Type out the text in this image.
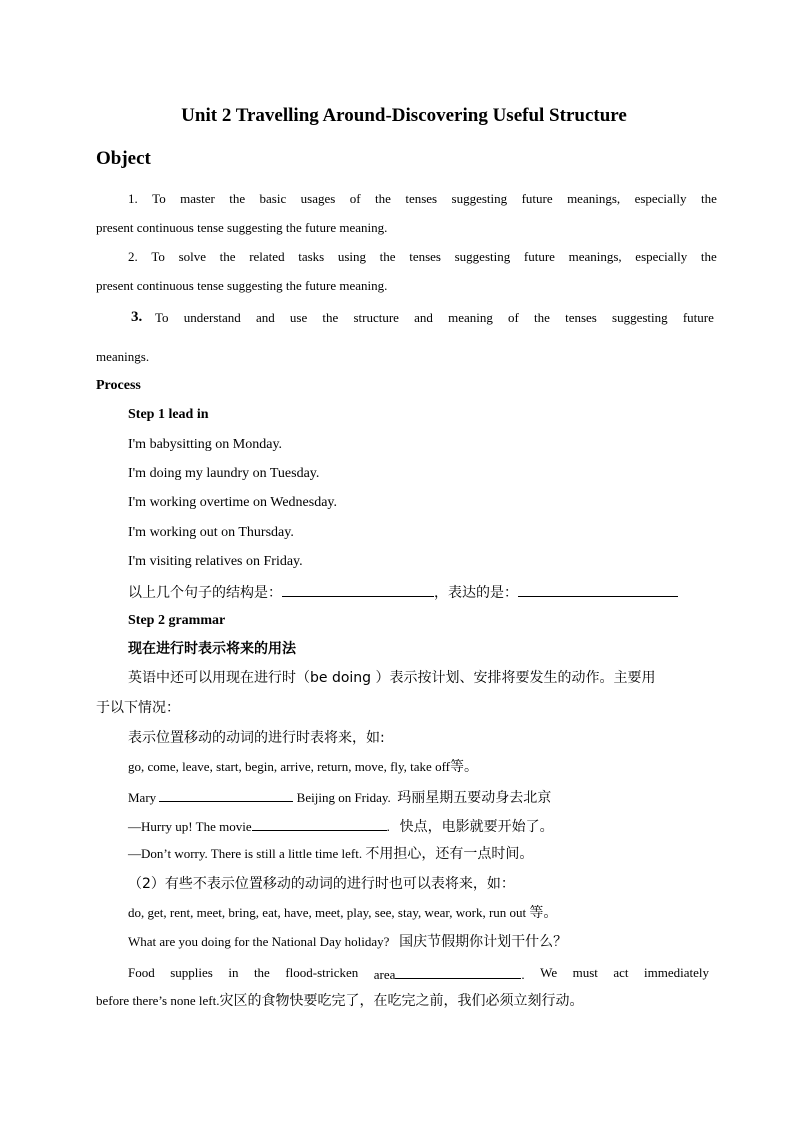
Unit 2 Travelling Around-Discovering Useful Structure
Object
1. To master the basic usages of the tenses suggesting future meanings, especially the
present continuous tense suggesting the future meaning.
2. To solve the related tasks using the tenses suggesting future meanings, especially the
present continuous tense suggesting the future meaning.
3. To understand and use the structure and meaning of the tenses suggesting future
meanings.
Process
Step 1 lead in
I'm babysitting on Monday.
I'm doing my laundry on Tuesday.
I'm working overtime on Wednesday.
I'm working out on Thursday.
I'm visiting relatives on Friday.
以上几个句子的结构是：	，表达的是：
Step 2 grammar
现在进行时表示将来的用法
英语中还可以用现在进行时（be doing ）表示按计划、安排将要发生的动作。主要用
于以下情况：
表示位置移动的动词的进行时表将来，如:
go, come, leave, start, begin, arrive, return, move, fly, take off等。
Mary	Beijing on Friday. 玛丽星期五要动身去北京
—Hurry up! The movie	. 快点，电影就要开始了。
—Don’t worry. There is still a little time left. 不用担心，还有一点时间。
（2）有些不表示位置移动的动词的进行时也可以表将来，如：
do, get, rent, meet, bring, eat, have, meet, play, see, stay, wear, work, run out 等。
What are you doing for the National Day holiday? 国庆节假期你计划干什么？
Food supplies in the flood-stricken area	. We must act immediately
before there’s none left.灾区的食物快要吃完了，在吃完之前，我们必须立刻行动。
